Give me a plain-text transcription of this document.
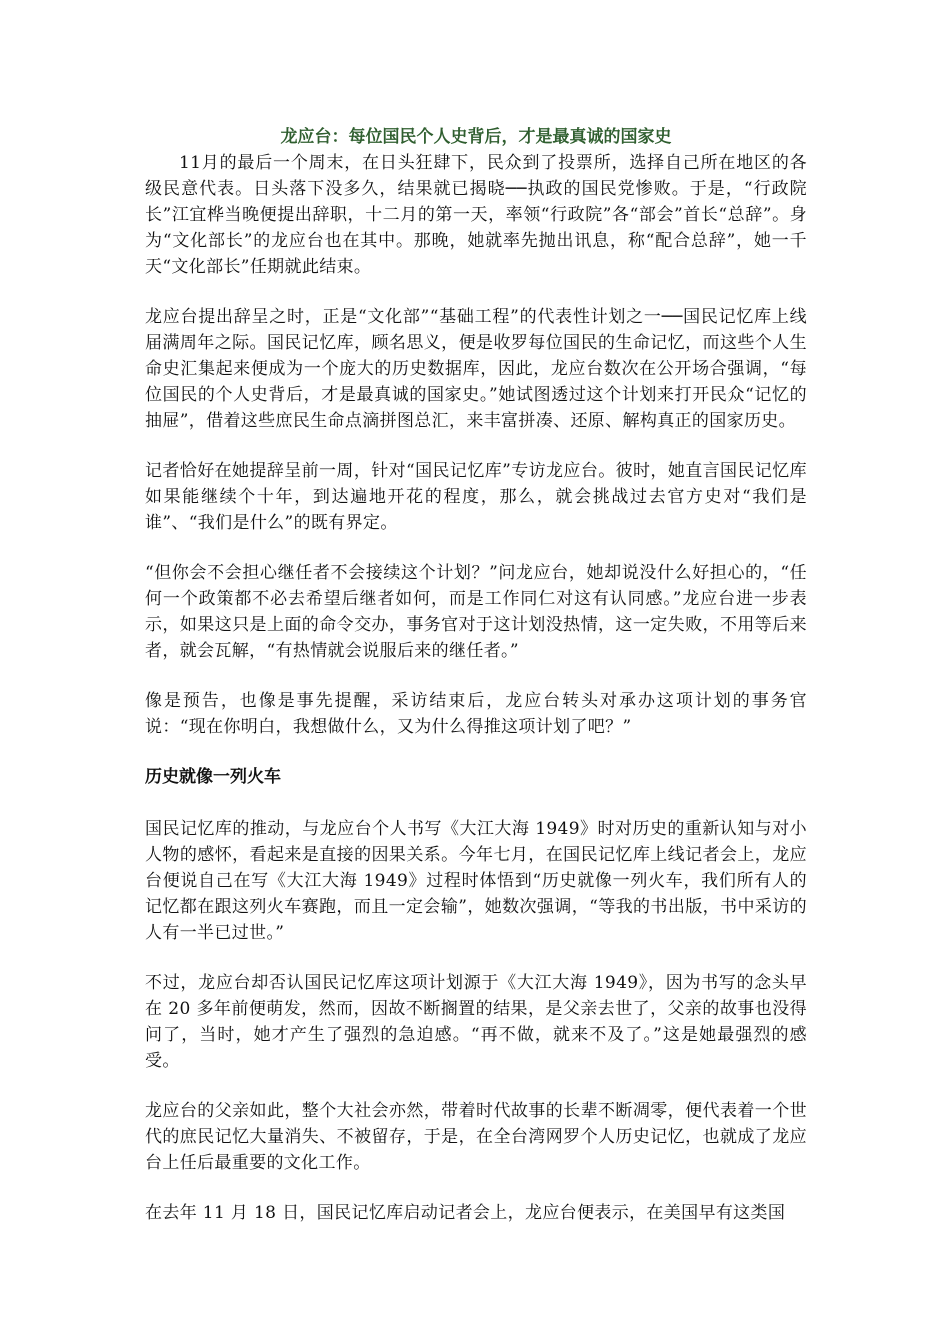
龙应台：每位国民个人史背后，才是最真诚的国家史

11月的最后一个周末，在日头狂肆下，民众到了投票所，选择自己所在地区的各级民意代表。日头落下没多久，结果就已揭晓──执政的国民党惨败。于是，“行政院长”江宜桦当晚便提出辞职，十二月的第一天，率领“行政院”各“部会”首长“总辞”。身为“文化部长”的龙应台也在其中。那晚，她就率先抛出讯息，称“配合总辞”，她一千天“文化部长”任期就此结束。

龙应台提出辞呈之时，正是“文化部”“基础工程”的代表性计划之一──国民记忆库上线届满周年之际。国民记忆库，顾名思义，便是收罗每位国民的生命记忆，而这些个人生命史汇集起来便成为一个庞大的历史数据库，因此，龙应台数次在公开场合强调，“每位国民的个人史背后，才是最真诚的国家史。”她试图透过这个计划来打开民众“记忆的抽屉”，借着这些庶民生命点滴拼图总汇，来丰富拼凑、还原、解构真正的国家历史。

记者恰好在她提辞呈前一周，针对“国民记忆库”专访龙应台。彼时，她直言国民记忆库如果能继续个十年，到达遍地开花的程度，那么，就会挑战过去官方史对“我们是谁”、“我们是什么”的既有界定。

“但你会不会担心继任者不会接续这个计划？”问龙应台，她却说没什么好担心的，“任何一个政策都不必去希望后继者如何，而是工作同仁对这有认同感。”龙应台进一步表示，如果这只是上面的命令交办，事务官对于这计划没热情，这一定失败，不用等后来者，就会瓦解，“有热情就会说服后来的继任者。”

像是预告，也像是事先提醒，采访结束后，龙应台转头对承办这项计划的事务官说：“现在你明白，我想做什么，又为什么得推这项计划了吧？”

历史就像一列火车

国民记忆库的推动，与龙应台个人书写《大江大海 1949》时对历史的重新认知与对小人物的感怀，看起来是直接的因果关系。今年七月，在国民记忆库上线记者会上，龙应台便说自己在写《大江大海 1949》过程时体悟到“历史就像一列火车，我们所有人的记忆都在跟这列火车赛跑，而且一定会输”，她数次强调，“等我的书出版，书中采访的人有一半已过世。”

不过，龙应台却否认国民记忆库这项计划源于《大江大海 1949》，因为书写的念头早在 20 多年前便萌发，然而，因故不断搁置的结果，是父亲去世了，父亲的故事也没得问了，当时，她才产生了强烈的急迫感。“再不做，就来不及了。”这是她最强烈的感受。

龙应台的父亲如此，整个大社会亦然，带着时代故事的长辈不断凋零，便代表着一个世代的庶民记忆大量消失、不被留存，于是，在全台湾网罗个人历史记忆，也就成了龙应台上任后最重要的文化工作。

在去年 11 月 18 日，国民记忆库启动记者会上，龙应台便表示，在美国早有这类国
